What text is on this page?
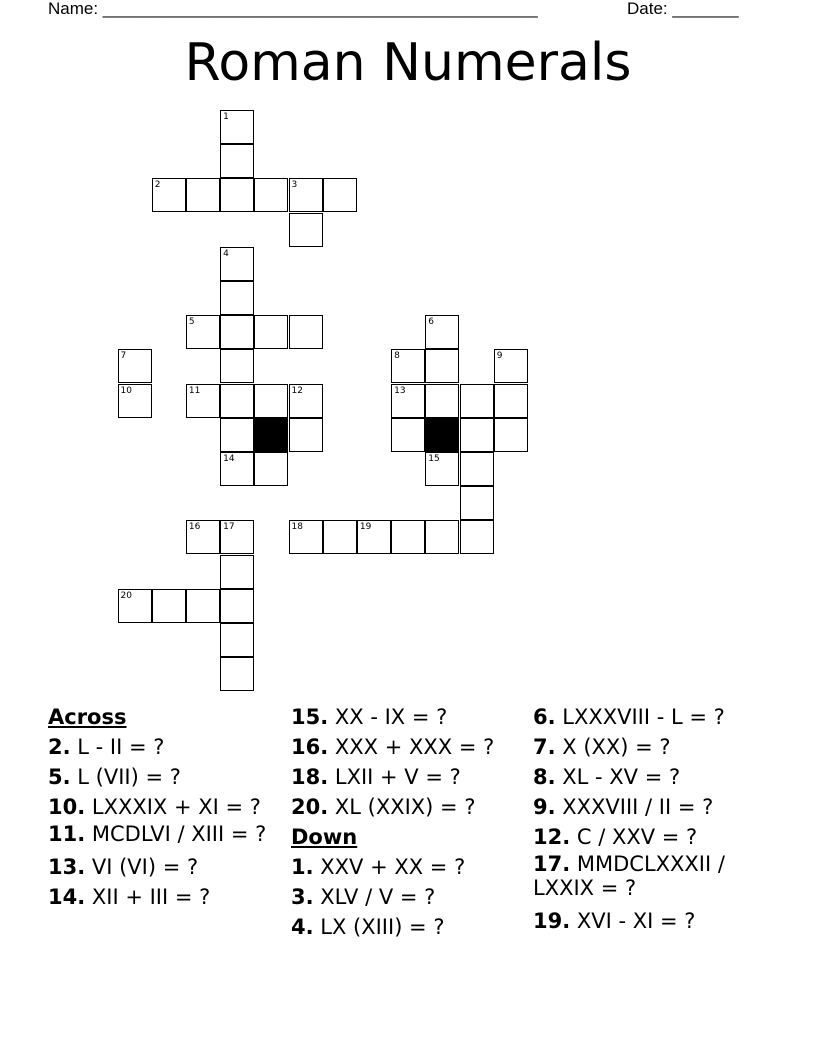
Name: ______________________________________________	Date: _______
Roman Numerals
1
2	3
4
5	6
7	8	9
10	11	12	13
14	15
16	17	18	19
20

Across

2. L - II = ?

5. L (VII) = ?

10. LXXXIX + XI = ?

11. MCDLVI / XIII = ?

13. VI (VI) = ?

14. XII + III = ?

15. XX - IX = ?

16. XXX + XXX = ?

18. LXII + V = ?

20. XL (XXIX) = ?

Down

1. XXV + XX = ?

3. XLV / V = ?

4. LX (XIII) = ?

6. LXXXVIII - L = ?

7. X (XX) = ?

8. XL - XV = ?

9. XXXVIII / II = ?

12. C / XXV = ?

17. MMDCLXXXII / LXXIX = ?

19. XVI - XI = ?
